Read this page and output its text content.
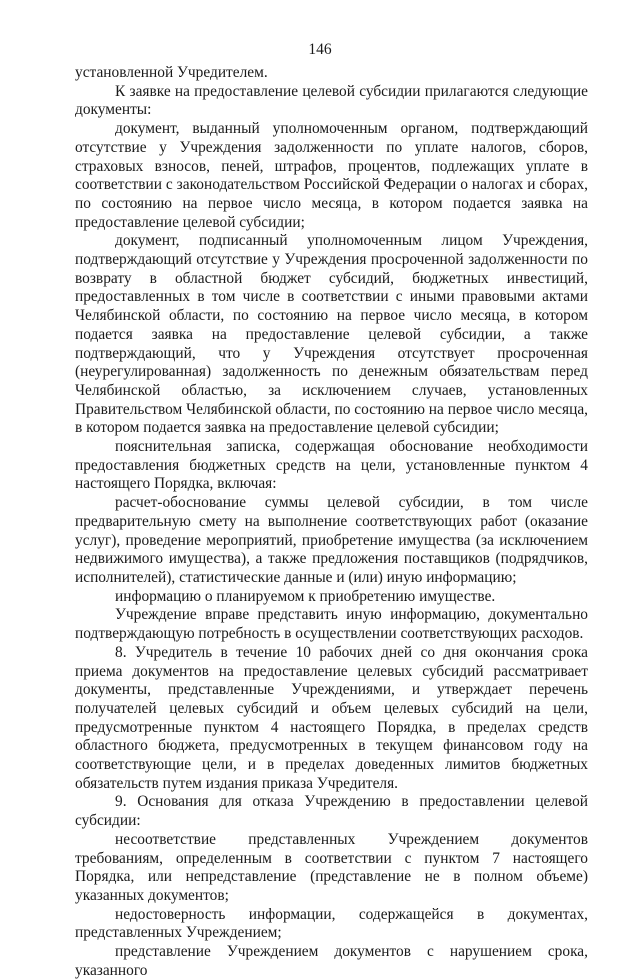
146

установленной Учредителем.

К заявке на предоставление целевой субсидии прилагаются следующие документы:

документ, выданный уполномоченным органом, подтверждающий отсутствие у Учреждения задолженности по уплате налогов, сборов, страховых взносов, пеней, штрафов, процентов, подлежащих уплате в соответствии с законодательством Российской Федерации о налогах и сборах, по состоянию на первое число месяца, в котором подается заявка на предоставление целевой субсидии;

документ, подписанный уполномоченным лицом Учреждения, подтверждающий отсутствие у Учреждения просроченной задолженности по возврату в областной бюджет субсидий, бюджетных инвестиций, предоставленных в том числе в соответствии с иными правовыми актами Челябинской области, по состоянию на первое число месяца, в котором подается заявка на предоставление целевой субсидии, а также подтверждающий, что у Учреждения отсутствует просроченная (неурегулированная) задолженность по денежным обязательствам перед Челябинской областью, за исключением случаев, установленных Правительством Челябинской области, по состоянию на первое число месяца, в котором подается заявка на предоставление целевой субсидии;

пояснительная записка, содержащая обоснование необходимости предоставления бюджетных средств на цели, установленные пунктом 4 настоящего Порядка, включая:

расчет-обоснование суммы целевой субсидии, в том числе предварительную смету на выполнение соответствующих работ (оказание услуг), проведение мероприятий, приобретение имущества (за исключением недвижимого имущества), а также предложения поставщиков (подрядчиков, исполнителей), статистические данные и (или) иную информацию;

информацию о планируемом к приобретению имуществе.

Учреждение вправе представить иную информацию, документально подтверждающую потребность в осуществлении соответствующих расходов.

8. Учредитель в течение 10 рабочих дней со дня окончания срока приема документов на предоставление целевых субсидий рассматривает документы, представленные Учреждениями, и утверждает перечень получателей целевых субсидий и объем целевых субсидий на цели, предусмотренные пунктом 4 настоящего Порядка, в пределах средств областного бюджета, предусмотренных в текущем финансовом году на соответствующие цели, и в пределах доведенных лимитов бюджетных обязательств путем издания приказа Учредителя.

9. Основания для отказа Учреждению в предоставлении целевой субсидии:

несоответствие представленных Учреждением документов требованиям, определенным в соответствии с пунктом 7 настоящего Порядка, или непредставление (представление не в полном объеме) указанных документов;

недостоверность информации, содержащейся в документах, представленных Учреждением;

представление Учреждением документов с нарушением срока, указанного
